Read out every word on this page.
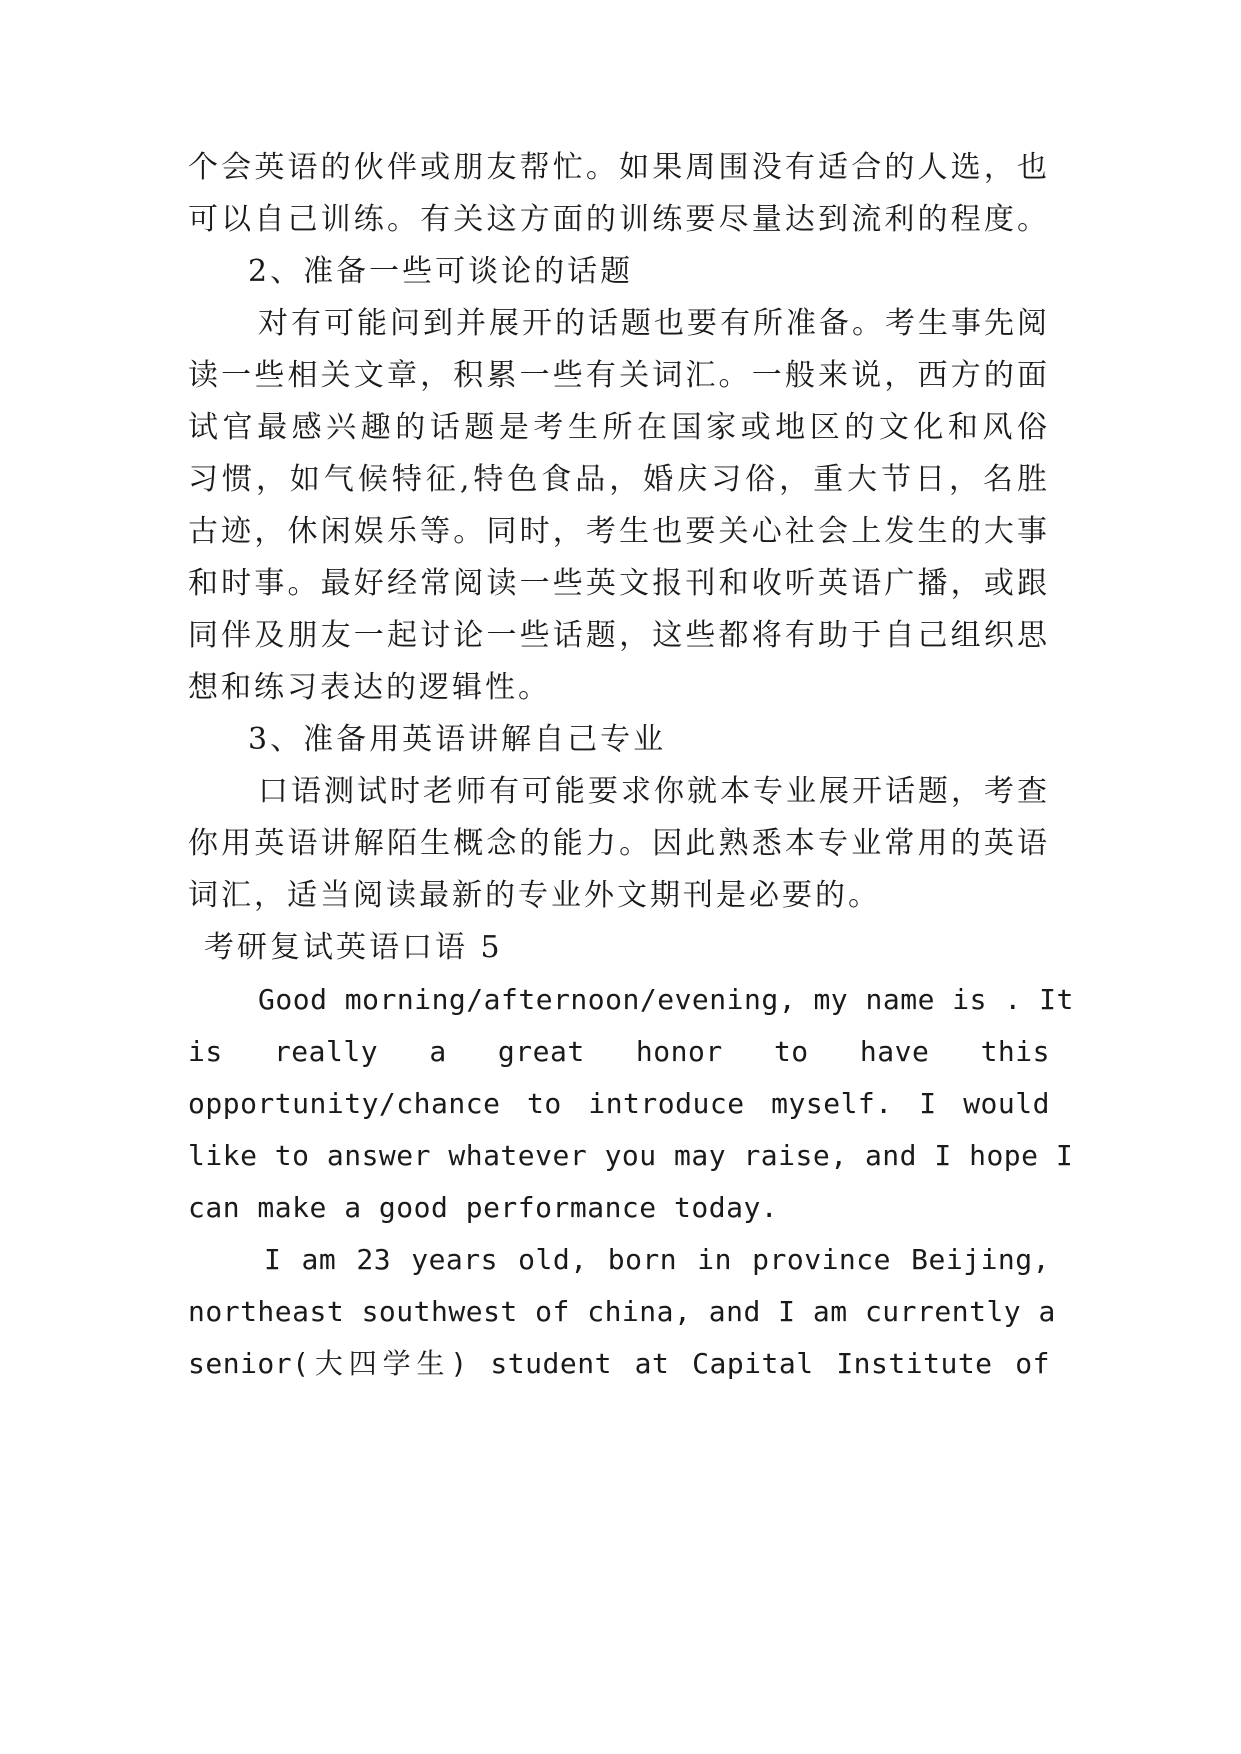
个会英语的伙伴或朋友帮忙。如果周围没有适合的人选，也
可以自己训练。有关这方面的训练要尽量达到流利的程度。
2、准备一些可谈论的话题
对有可能问到并展开的话题也要有所准备。考生事先阅
读一些相关文章，积累一些有关词汇。一般来说，西方的面
试官最感兴趣的话题是考生所在国家或地区的文化和风俗
习惯，如气候特征,特色食品，婚庆习俗，重大节日，名胜
古迹，休闲娱乐等。同时，考生也要关心社会上发生的大事
和时事。最好经常阅读一些英文报刊和收听英语广播，或跟
同伴及朋友一起讨论一些话题，这些都将有助于自己组织思
想和练习表达的逻辑性。
3、准备用英语讲解自己专业
口语测试时老师有可能要求你就本专业展开话题，考查
你用英语讲解陌生概念的能力。因此熟悉本专业常用的英语
词汇，适当阅读最新的专业外文期刊是必要的。
考研复试英语口语 5
Good morning/afternoon/evening, my name is . It
is really a great honor to have this
opportunity/chance to introduce myself. I would
like to answer whatever you may raise, and I hope I
can make a good performance today.
I am 23 years old, born in province Beijing,
northeast southwest of china, and I am currently a
senior(大四学生) student at Capital Institute of
